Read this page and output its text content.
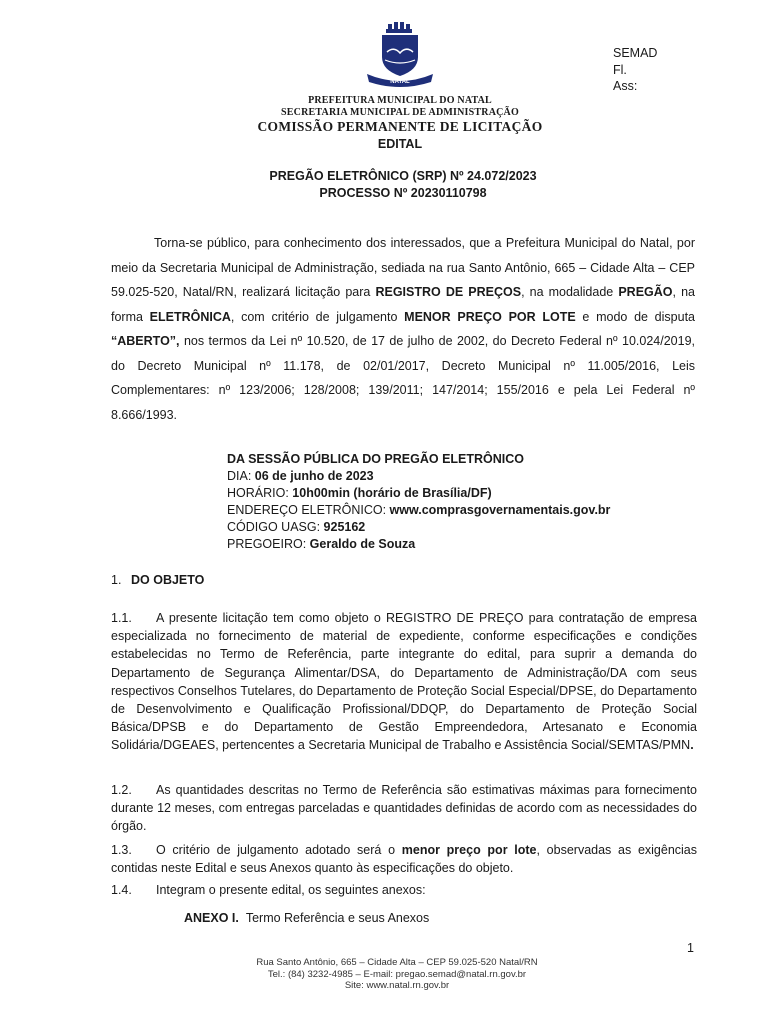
NATAL
SEMAD
Fl.
Ass:
PREFEITURA MUNICIPAL DO NATAL
SECRETARIA MUNICIPAL DE ADMINISTRAÇÃO
COMISSÃO PERMANENTE DE LICITAÇÃO
EDITAL
PREGÃO ELETRÔNICO (SRP) Nº 24.072/2023
PROCESSO Nº 20230110798
Torna-se público, para conhecimento dos interessados, que a Prefeitura Municipal do Natal, por meio da Secretaria Municipal de Administração, sediada na rua Santo Antônio, 665 – Cidade Alta – CEP 59.025-520, Natal/RN, realizará licitação para REGISTRO DE PREÇOS, na modalidade PREGÃO, na forma ELETRÔNICA, com critério de julgamento MENOR PREÇO POR LOTE e modo de disputa “ABERTO”, nos termos da Lei nº 10.520, de 17 de julho de 2002, do Decreto Federal nº 10.024/2019, do Decreto Municipal nº 11.178, de 02/01/2017, Decreto Municipal nº 11.005/2016, Leis Complementares: nº 123/2006; 128/2008; 139/2011; 147/2014; 155/2016 e pela Lei Federal nº 8.666/1993.
DA SESSÃO PÚBLICA DO PREGÃO ELETRÔNICO
DIA: 06 de junho de 2023
HORÁRIO: 10h00min (horário de Brasília/DF)
ENDEREÇO ELETRÔNICO: www.comprasgovernamentais.gov.br
CÓDIGO UASG: 925162
PREGOEIRO: Geraldo de Souza
1. DO OBJETO
1.1. A presente licitação tem como objeto o REGISTRO DE PREÇO para contratação de empresa especializada no fornecimento de material de expediente, conforme especificações e condições estabelecidas no Termo de Referência, parte integrante do edital, para suprir a demanda do Departamento de Segurança Alimentar/DSA, do Departamento de Administração/DA com seus respectivos Conselhos Tutelares, do Departamento de Proteção Social Especial/DPSE, do Departamento de Desenvolvimento e Qualificação Profissional/DDQP, do Departamento de Proteção Social Básica/DPSB e do Departamento de Gestão Empreendedora, Artesanato e Economia Solidária/DGEAES, pertencentes a Secretaria Municipal de Trabalho e Assistência Social/SEMTAS/PMN.
1.2. As quantidades descritas no Termo de Referência são estimativas máximas para fornecimento durante 12 meses, com entregas parceladas e quantidades definidas de acordo com as necessidades do órgão.
1.3. O critério de julgamento adotado será o menor preço por lote, observadas as exigências contidas neste Edital e seus Anexos quanto às especificações do objeto.
1.4. Integram o presente edital, os seguintes anexos:
ANEXO I. Termo Referência e seus Anexos
1
Rua Santo Antônio, 665 – Cidade Alta – CEP 59.025-520 Natal/RN
Tel.: (84) 3232-4985 – E-mail: pregao.semad@natal.rn.gov.br
Site: www.natal.rn.gov.br
